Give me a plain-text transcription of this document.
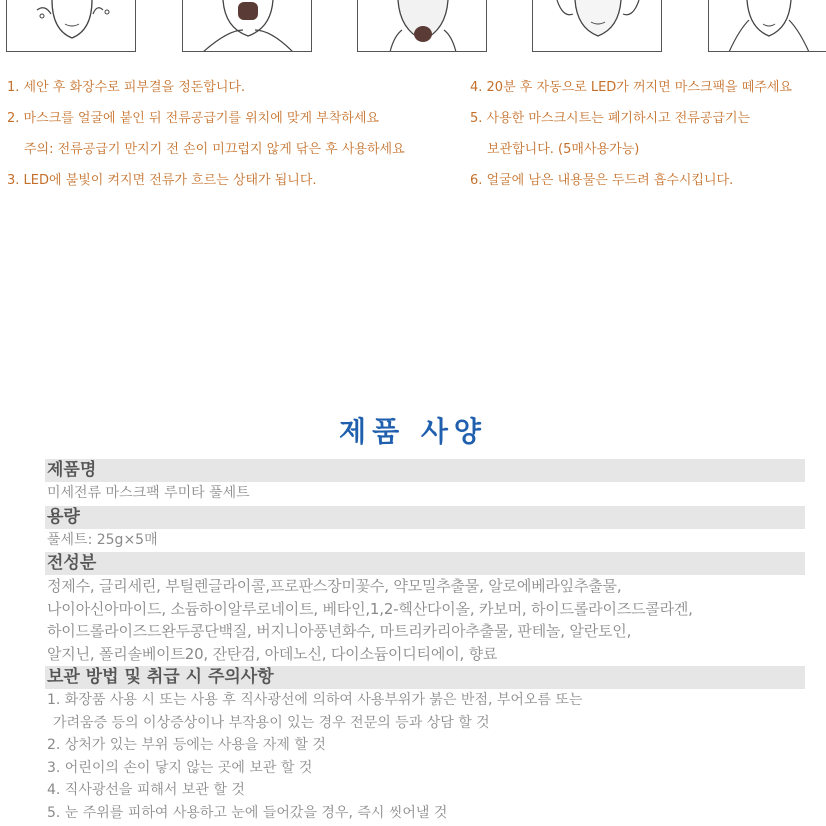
1. 세안 후 화장수로 피부결을 정돈합니다.
2. 마스크를 얼굴에 붙인 뒤 전류공급기를 위치에 맞게 부착하세요
주의: 전류공급기 만지기 전 손이 미끄럽지 않게 닦은 후 사용하세요
3. LED에 불빛이 켜지면 전류가 흐르는 상태가 됩니다.
4. 20분 후 자동으로 LED가 꺼지면 마스크팩을 떼주세요
5. 사용한 마스크시트는 폐기하시고 전류공급기는
보관합니다. (5매사용가능)
6. 얼굴에 남은 내용물은 두드려 흡수시킵니다.
제품 사양
제품명
미세전류 마스크팩 루미타 풀세트
용량
풀세트: 25g×5매
전성분
정제수, 글리세린, 부틸렌글라이콜,프로판스장미꽃수, 약모밀추출물, 알로에베라잎추출물,
나이아신아마이드, 소듐하이알루로네이트, 베타인,1,2-헥산다이올, 카보머, 하이드롤라이즈드콜라겐,
하이드롤라이즈드완두콩단백질, 버지니아풍년화수, 마트리카리아추출물, 판테놀, 알란토인,
알지닌, 폴리솔베이트20, 잔탄검, 아데노신, 다이소듐이디티에이, 향료
보관 방법 및 취급 시 주의사항
1. 화장품 사용 시 또는 사용 후 직사광선에 의하여 사용부위가 붉은 반점, 부어오름 또는
가려움증 등의 이상증상이나 부작용이 있는 경우 전문의 등과 상담 할 것
2. 상처가 있는 부위 등에는 사용을 자제 할 것
3. 어린이의 손이 닿지 않는 곳에 보관 할 것
4. 직사광선을 피해서 보관 할 것
5. 눈 주위를 피하여 사용하고 눈에 들어갔을 경우, 즉시 씻어낼 것
